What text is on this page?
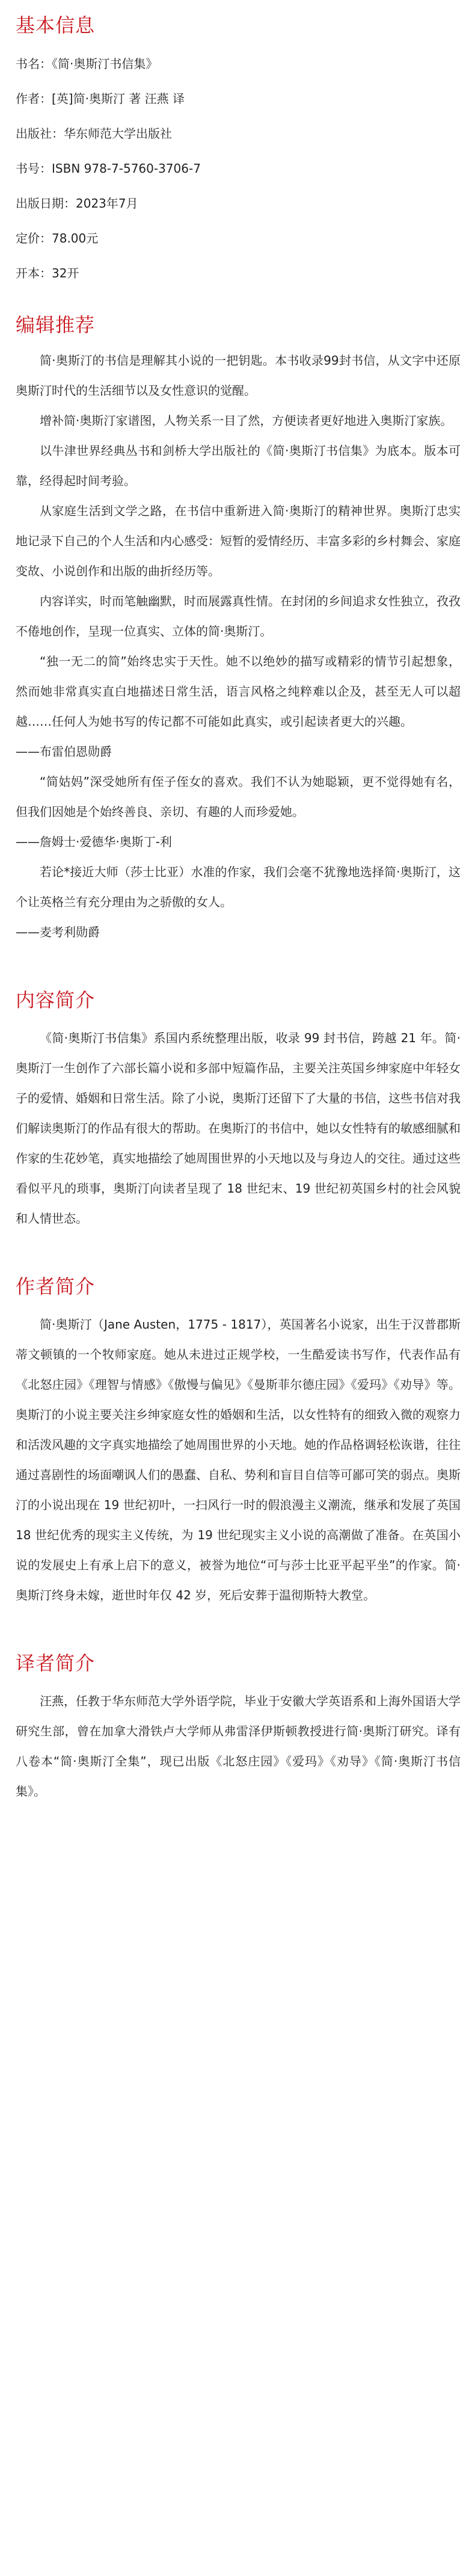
基本信息
书名：《简·奥斯汀书信集》
作者：[英]简·奥斯汀 著 汪燕 译
出版社：华东师范大学出版社
书号：ISBN 978-7-5760-3706-7
出版日期：2023年7月
定价：78.00元
开本：32开
编辑推荐

简·奥斯汀的书信是理解其小说的一把钥匙。本书收录99封书信，从文字中还原奥斯汀时代的生活细节以及女性意识的觉醒。

增补简·奥斯汀家谱图，人物关系一目了然，方便读者更好地进入奥斯汀家族。

以牛津世界经典丛书和剑桥大学出版社的《简·奥斯汀书信集》为底本。版本可靠，经得起时间考验。

从家庭生活到文学之路，在书信中重新进入简·奥斯汀的精神世界。奥斯汀忠实地记录下自己的个人生活和内心感受：短暂的爱情经历、丰富多彩的乡村舞会、家庭变故、小说创作和出版的曲折经历等。

内容详实，时而笔触幽默，时而展露真性情。在封闭的乡间追求女性独立，孜孜不倦地创作，呈现一位真实、立体的简·奥斯汀。

“独一无二的简”始终忠实于天性。她不以绝妙的描写或精彩的情节引起想象，然而她非常真实直白地描述日常生活，语言风格之纯粹难以企及，甚至无人可以超越……任何人为她书写的传记都不可能如此真实，或引起读者更大的兴趣。

——布雷伯恩勋爵

“简姑妈”深受她所有侄子侄女的喜欢。我们不认为她聪颖，更不觉得她有名，但我们因她是个始终善良、亲切、有趣的人而珍爱她。

——詹姆士·爱德华·奥斯丁-利

若论*接近大师（莎士比亚）水准的作家，我们会毫不犹豫地选择简·奥斯汀，这个让英格兰有充分理由为之骄傲的女人。

——麦考利勋爵
内容简介

《简·奥斯汀书信集》系国内系统整理出版，收录 99 封书信，跨越 21 年。简·奥斯汀一生创作了六部长篇小说和多部中短篇作品，主要关注英国乡绅家庭中年轻女子的爱情、婚姻和日常生活。除了小说，奥斯汀还留下了大量的书信，这些书信对我们解读奥斯汀的作品有很大的帮助。在奥斯汀的书信中，她以女性特有的敏感细腻和作家的生花妙笔，真实地描绘了她周围世界的小天地以及与身边人的交往。通过这些看似平凡的琐事，奥斯汀向读者呈现了 18 世纪末、19 世纪初英国乡村的社会风貌和人情世态。

作者简介

简·奥斯汀（Jane Austen，1775 - 1817），英国著名小说家，出生于汉普郡斯蒂文顿镇的一个牧师家庭。她从未进过正规学校，一生酷爱读书写作，代表作品有《北怒庄园》《理智与情感》《傲慢与偏见》《曼斯菲尔德庄园》《爱玛》《劝导》等。奥斯汀的小说主要关注乡绅家庭女性的婚姻和生活，以女性特有的细致入微的观察力和活泼风趣的文字真实地描绘了她周围世界的小天地。她的作品格调轻松诙谐，往往通过喜剧性的场面嘲讽人们的愚蠢、自私、势利和盲目自信等可鄙可笑的弱点。奥斯汀的小说出现在 19 世纪初叶，一扫风行一时的假浪漫主义潮流，继承和发展了英国 18 世纪优秀的现实主义传统，为 19 世纪现实主义小说的高潮做了准备。在英国小说的发展史上有承上启下的意义，被誉为地位“可与莎士比亚平起平坐”的作家。简·奥斯汀终身未嫁，逝世时年仅 42 岁，死后安葬于温彻斯特大教堂。

译者简介

汪燕，任教于华东师范大学外语学院，毕业于安徽大学英语系和上海外国语大学研究生部，曾在加拿大滑铁卢大学师从弗雷泽伊斯顿教授进行简·奥斯汀研究。译有八卷本“简·奥斯汀全集”，现已出版《北怒庄园》《爱玛》《劝导》《简·奥斯汀书信集》。
